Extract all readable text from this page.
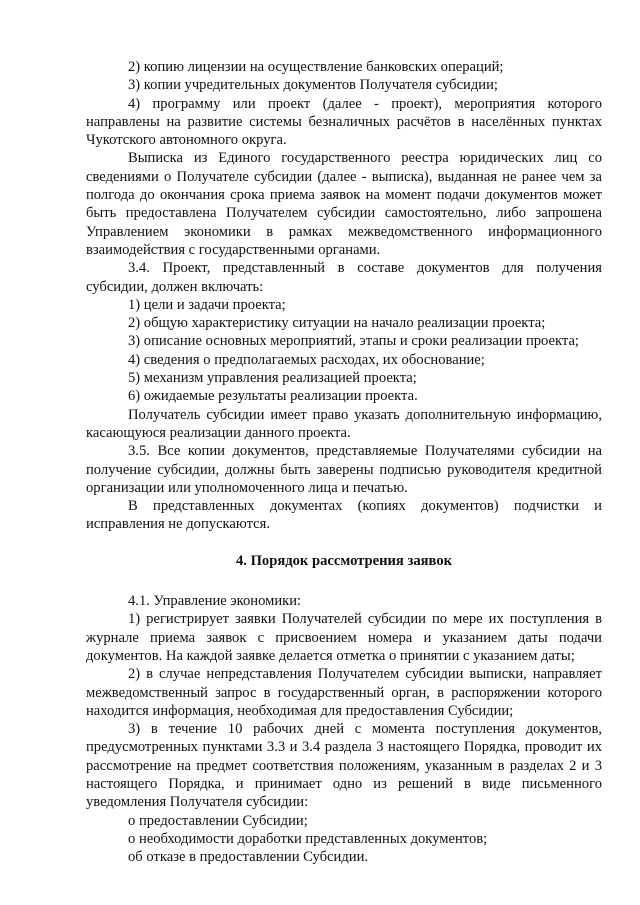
2) копию лицензии на осуществление банковских операций;

3) копии учредительных документов Получателя субсидии;

4) программу или проект (далее - проект), мероприятия которого направлены на развитие системы безналичных расчётов в населённых пунктах Чукотского автономного округа.

Выписка из Единого государственного реестра юридических лиц со сведениями о Получателе субсидии (далее - выписка), выданная не ранее чем за полгода до окончания срока приема заявок на момент подачи документов может быть предоставлена Получателем субсидии самостоятельно, либо запрошена Управлением экономики в рамках межведомственного информационного взаимодействия с государственными органами.

3.4. Проект, представленный в составе документов для получения субсидии, должен включать:

1) цели и задачи проекта;

2) общую характеристику ситуации на начало реализации проекта;

3) описание основных мероприятий, этапы и сроки реализации проекта;

4) сведения о предполагаемых расходах, их обоснование;

5) механизм управления реализацией проекта;

6) ожидаемые результаты реализации проекта.

Получатель субсидии имеет право указать дополнительную информацию, касающуюся реализации данного проекта.

3.5. Все копии документов, представляемые Получателями субсидии на получение субсидии, должны быть заверены подписью руководителя кредитной организации или уполномоченного лица и печатью.

В представленных документах (копиях документов) подчистки и исправления не допускаются.

4. Порядок рассмотрения заявок

4.1. Управление экономики:

1) регистрирует заявки Получателей субсидии по мере их поступления в журнале приема заявок с присвоением номера и указанием даты подачи документов. На каждой заявке делается отметка о принятии с указанием даты;

2) в случае непредставления Получателем субсидии выписки, направляет межведомственный запрос в государственный орган, в распоряжении которого находится информация, необходимая для предоставления Субсидии;

3) в течение 10 рабочих дней с момента поступления документов, предусмотренных пунктами 3.3 и 3.4 раздела 3 настоящего Порядка, проводит их рассмотрение на предмет соответствия положениям, указанным в разделах 2 и 3 настоящего Порядка, и принимает одно из решений в виде письменного уведомления Получателя субсидии:

о предоставлении Субсидии;

о необходимости доработки представленных документов;

об отказе в предоставлении Субсидии.
